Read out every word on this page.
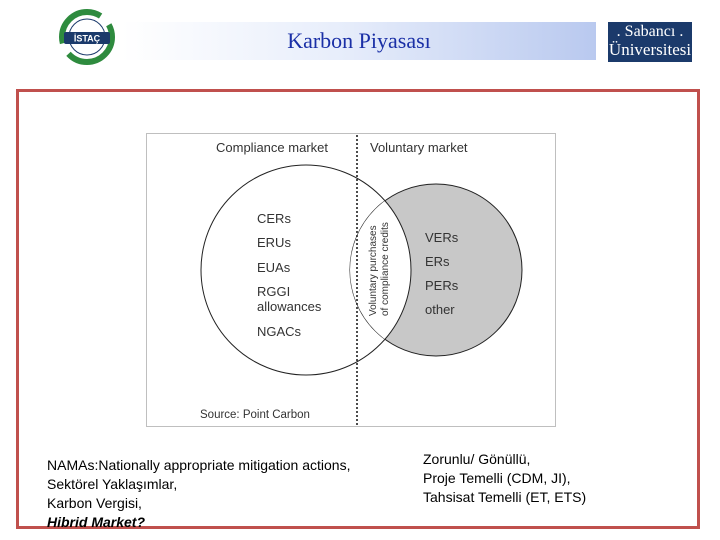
İSTAÇ	Karbon Piyasası	. Sabancı .
Üniversitesi
Voluntary purchases of compliance credits
Compliance market	Voluntary market
CERs
ERUs
EUAs
RGGI
allowances
NGACs
VERs
ERs
PERs
other
Source: Point Carbon
NAMAs:Nationally appropriate mitigation actions,
Sektörel Yaklaşımlar,
Karbon Vergisi,
Hibrid Market?
Zorunlu/ Gönüllü,
Proje Temelli (CDM, JI),
Tahsisat Temelli (ET, ETS)
